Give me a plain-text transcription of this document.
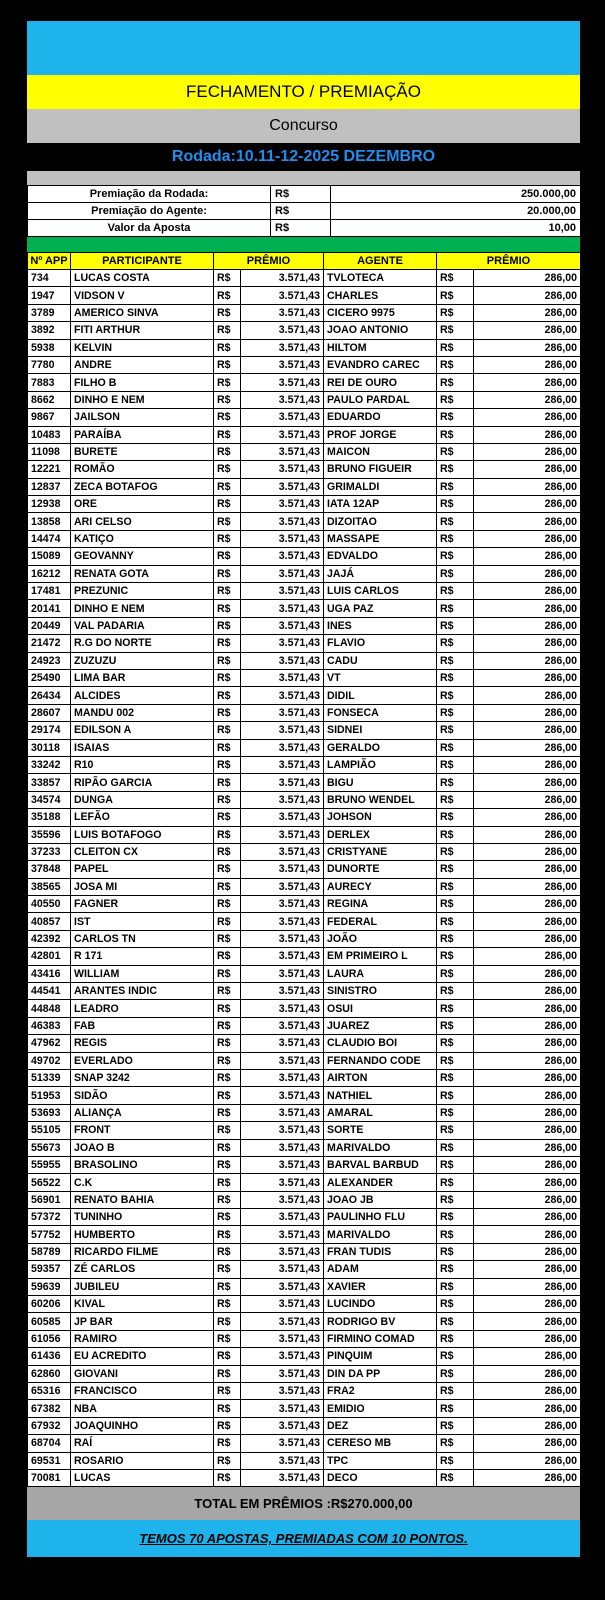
FECHAMENTO / PREMIAÇÃO
Concurso
Rodada:10.11-12-2025 DEZEMBRO
Premiação da Rodada:	R$	250.000,00
Premiação do Agente:	R$	20.000,00
Valor da Aposta	R$	10,00
Nº APP	PARTICIPANTE	PRÊMIO		AGENTE	PRÊMIO	
734	LUCAS COSTA	R$	3.571,43	TVLOTECA	R$	286,00
1947	VIDSON V	R$	3.571,43	CHARLES	R$	286,00
3789	AMERICO SINVA	R$	3.571,43	CICERO 9975	R$	286,00
3892	FITI ARTHUR	R$	3.571,43	JOAO ANTONIO	R$	286,00
5938	KELVIN	R$	3.571,43	HILTOM	R$	286,00
7780	ANDRE	R$	3.571,43	EVANDRO CAREC	R$	286,00
7883	FILHO B	R$	3.571,43	REI DE OURO	R$	286,00
8662	DINHO E NEM	R$	3.571,43	PAULO PARDAL	R$	286,00
9867	JAILSON	R$	3.571,43	EDUARDO	R$	286,00
10483	PARAÍBA	R$	3.571,43	PROF JORGE	R$	286,00
11098	BURETE	R$	3.571,43	MAICON	R$	286,00
12221	ROMÃO	R$	3.571,43	BRUNO FIGUEIR	R$	286,00
12837	ZECA BOTAFOG	R$	3.571,43	GRIMALDI	R$	286,00
12938	ORE	R$	3.571,43	IATA 12AP	R$	286,00
13858	ARI CELSO	R$	3.571,43	DIZOITAO	R$	286,00
14474	KATIÇO	R$	3.571,43	MASSAPE	R$	286,00
15089	GEOVANNY	R$	3.571,43	EDVALDO	R$	286,00
16212	RENATA GOTA	R$	3.571,43	JAJÁ	R$	286,00
17481	PREZUNIC	R$	3.571,43	LUIS CARLOS	R$	286,00
20141	DINHO E NEM	R$	3.571,43	UGA PAZ	R$	286,00
20449	VAL PADARIA	R$	3.571,43	INES	R$	286,00
21472	R.G DO NORTE	R$	3.571,43	FLAVIO	R$	286,00
24923	ZUZUZU	R$	3.571,43	CADU	R$	286,00
25490	LIMA BAR	R$	3.571,43	VT	R$	286,00
26434	ALCIDES	R$	3.571,43	DIDIL	R$	286,00
28607	MANDU 002	R$	3.571,43	FONSECA	R$	286,00
29174	EDILSON A	R$	3.571,43	SIDNEI	R$	286,00
30118	ISAIAS	R$	3.571,43	GERALDO	R$	286,00
33242	R10	R$	3.571,43	LAMPIÃO	R$	286,00
33857	RIPÃO GARCIA	R$	3.571,43	BIGU	R$	286,00
34574	DUNGA	R$	3.571,43	BRUNO WENDEL	R$	286,00
35188	LEFÃO	R$	3.571,43	JOHSON	R$	286,00
35596	LUIS BOTAFOGO	R$	3.571,43	DERLEX	R$	286,00
37233	CLEITON CX	R$	3.571,43	CRISTYANE	R$	286,00
37848	PAPEL	R$	3.571,43	DUNORTE	R$	286,00
38565	JOSA MI	R$	3.571,43	AURECY	R$	286,00
40550	FAGNER	R$	3.571,43	REGINA	R$	286,00
40857	IST	R$	3.571,43	FEDERAL	R$	286,00
42392	CARLOS TN	R$	3.571,43	JOÃO	R$	286,00
42801	R 171	R$	3.571,43	EM PRIMEIRO L	R$	286,00
43416	WILLIAM	R$	3.571,43	LAURA	R$	286,00
44541	ARANTES INDIC	R$	3.571,43	SINISTRO	R$	286,00
44848	LEADRO	R$	3.571,43	OSUI	R$	286,00
46383	FAB	R$	3.571,43	JUAREZ	R$	286,00
47962	REGIS	R$	3.571,43	CLAUDIO BOI	R$	286,00
49702	EVERLADO	R$	3.571,43	FERNANDO CODE	R$	286,00
51339	SNAP 3242	R$	3.571,43	AIRTON	R$	286,00
51953	SIDÃO	R$	3.571,43	NATHIEL	R$	286,00
53693	ALIANÇA	R$	3.571,43	AMARAL	R$	286,00
55105	FRONT	R$	3.571,43	SORTE	R$	286,00
55673	JOAO B	R$	3.571,43	MARIVALDO	R$	286,00
55955	BRASOLINO	R$	3.571,43	BARVAL BARBUD	R$	286,00
56522	C.K	R$	3.571,43	ALEXANDER	R$	286,00
56901	RENATO BAHIA	R$	3.571,43	JOAO JB	R$	286,00
57372	TUNINHO	R$	3.571,43	PAULINHO FLU	R$	286,00
57752	HUMBERTO	R$	3.571,43	MARIVALDO	R$	286,00
58789	RICARDO FILME	R$	3.571,43	FRAN TUDIS	R$	286,00
59357	ZÉ CARLOS	R$	3.571,43	ADAM	R$	286,00
59639	JUBILEU	R$	3.571,43	XAVIER	R$	286,00
60206	KIVAL	R$	3.571,43	LUCINDO	R$	286,00
60585	JP BAR	R$	3.571,43	RODRIGO BV	R$	286,00
61056	RAMIRO	R$	3.571,43	FIRMINO COMAD	R$	286,00
61436	EU ACREDITO	R$	3.571,43	PINQUIM	R$	286,00
62860	GIOVANI	R$	3.571,43	DIN DA PP	R$	286,00
65316	FRANCISCO	R$	3.571,43	FRA2	R$	286,00
67382	NBA	R$	3.571,43	EMIDIO	R$	286,00
67932	JOAQUINHO	R$	3.571,43	DEZ	R$	286,00
68704	RAÍ	R$	3.571,43	CERESO MB	R$	286,00
69531	ROSARIO	R$	3.571,43	TPC	R$	286,00
70081	LUCAS	R$	3.571,43	DECO	R$	286,00
TOTAL EM PRÊMIOS :R$270.000,00
TEMOS 70 APOSTAS, PREMIADAS COM 10 PONTOS.
